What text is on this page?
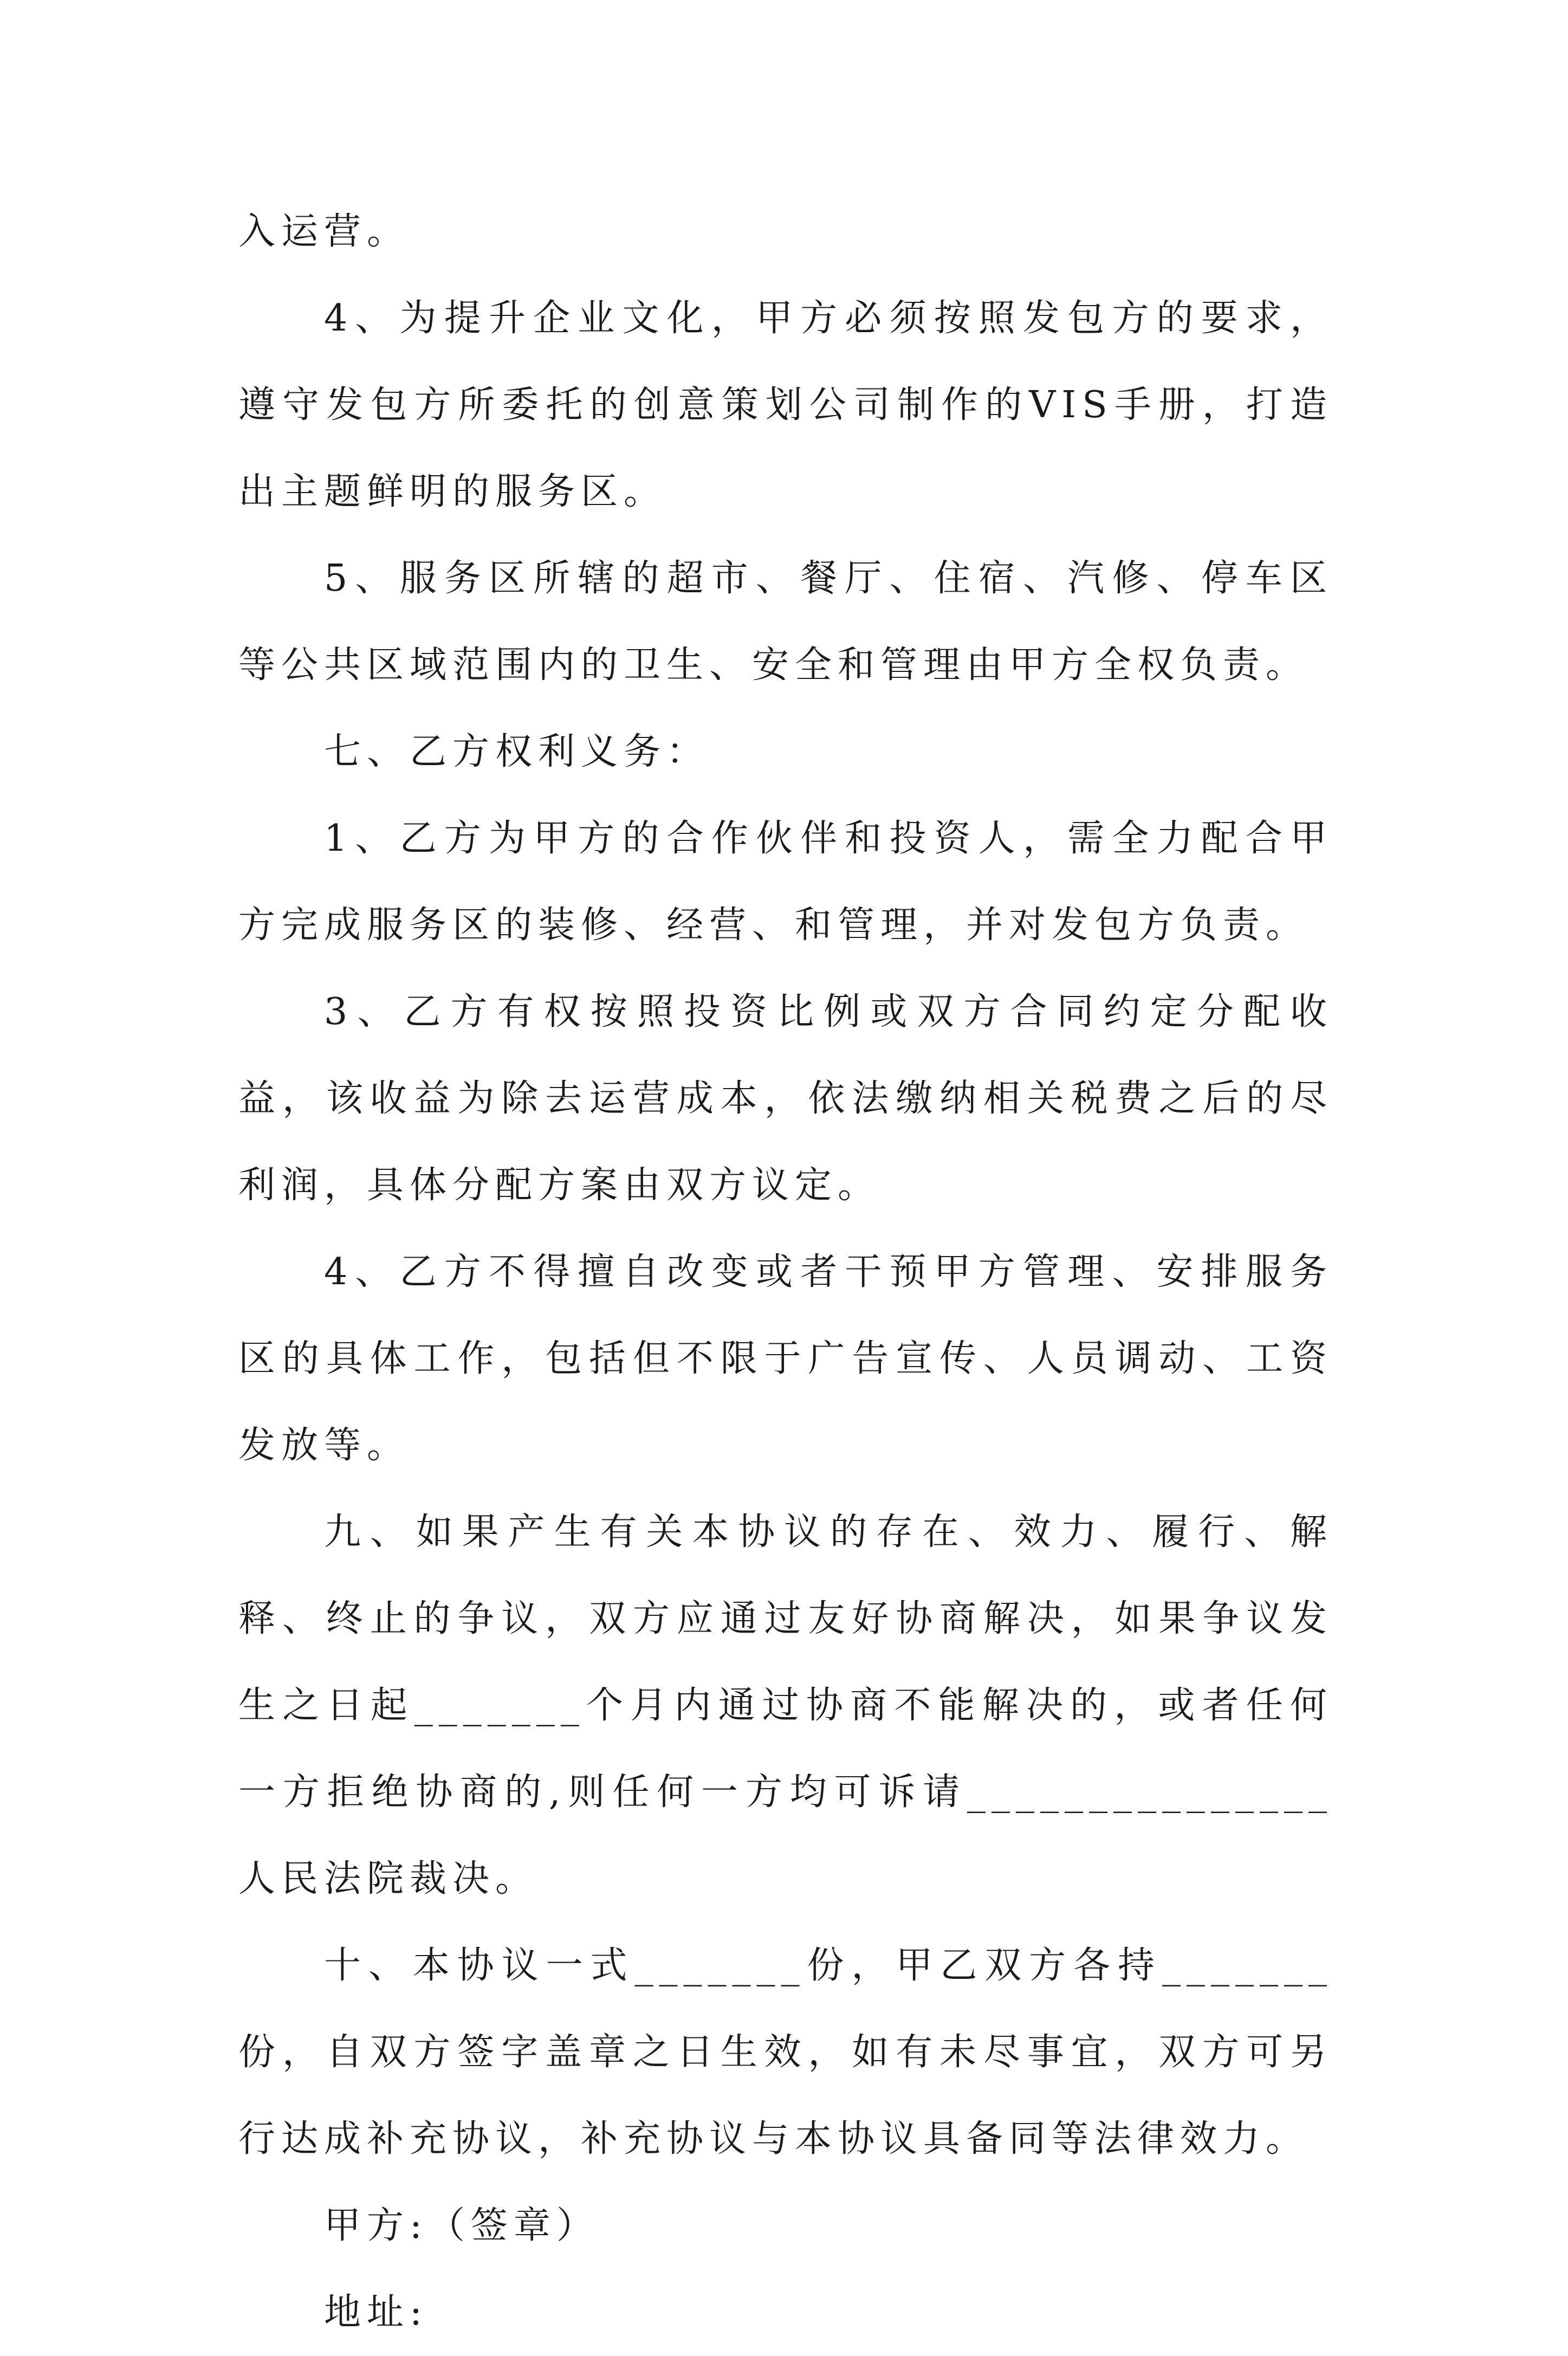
入运营。

4、为提升企业文化，甲方必须按照发包方的要求，遵守发包方所委托的创意策划公司制作的VIS手册，打造出主题鲜明的服务区。

5、服务区所辖的超市、餐厅、住宿、汽修、停车区等公共区域范围内的卫生、安全和管理由甲方全权负责。

七、乙方权利义务：

1、乙方为甲方的合作伙伴和投资人，需全力配合甲方完成服务区的装修、经营、和管理，并对发包方负责。

3、乙方有权按照投资比例或双方合同约定分配收益，该收益为除去运营成本，依法缴纳相关税费之后的尽利润，具体分配方案由双方议定。

4、乙方不得擅自改变或者干预甲方管理、安排服务区的具体工作，包括但不限于广告宣传、人员调动、工资发放等。

九、如果产生有关本协议的存在、效力、履行、解释、终止的争议，双方应通过友好协商解决，如果争议发生之日起_______个月内通过协商不能解决的，或者任何一方拒绝协商的,则任何一方均可诉请_______________人民法院裁决。

十、本协议一式_______份，甲乙双方各持_______份，自双方签字盖章之日生效，如有未尽事宜，双方可另行达成补充协议，补充协议与本协议具备同等法律效力。

甲方:（签章）

地址:
